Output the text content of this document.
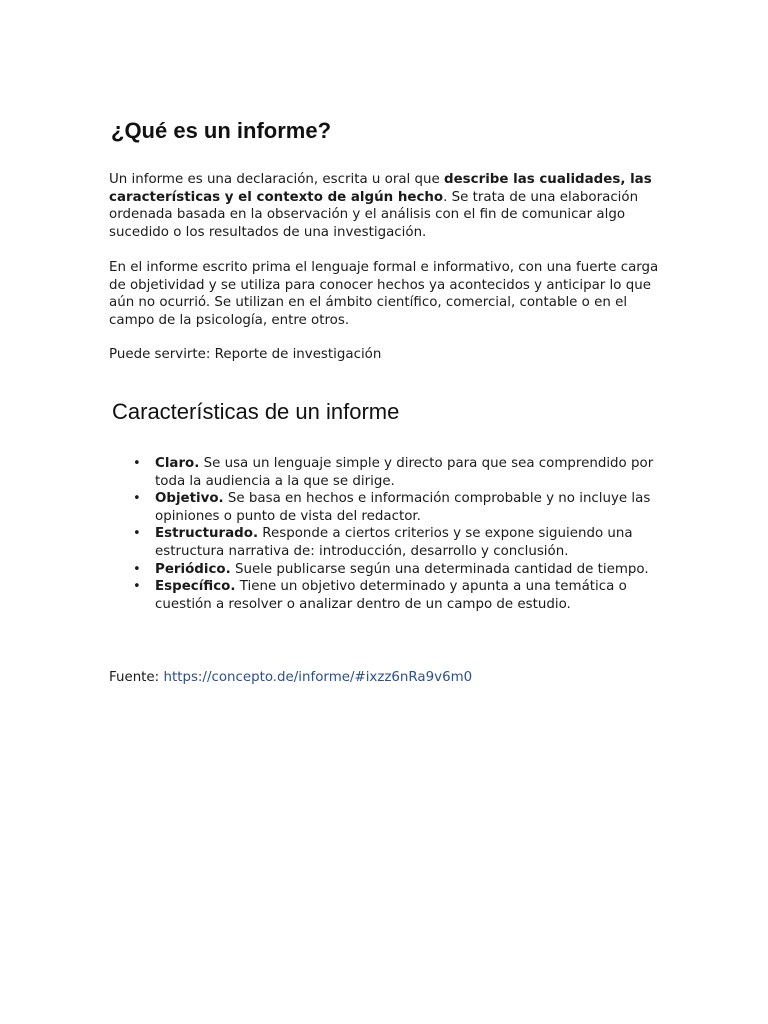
¿Qué es un informe?

Un informe es una declaración, escrita u oral que describe las cualidades, las características y el contexto de algún hecho. Se trata de una elaboración ordenada basada en la observación y el análisis con el fin de comunicar algo sucedido o los resultados de una investigación.

En el informe escrito prima el lenguaje formal e informativo, con una fuerte carga de objetividad y se utiliza para conocer hechos ya acontecidos y anticipar lo que aún no ocurrió. Se utilizan en el ámbito científico, comercial, contable o en el campo de la psicología, entre otros.

Puede servirte: Reporte de investigación

Características de un informe
• Claro. Se usa un lenguaje simple y directo para que sea comprendido por toda la audiencia a la que se dirige.
• Objetivo. Se basa en hechos e información comprobable y no incluye las opiniones o punto de vista del redactor.
• Estructurado. Responde a ciertos criterios y se expone siguiendo una estructura narrativa de: introducción, desarrollo y conclusión.
• Periódico. Suele publicarse según una determinada cantidad de tiempo.
• Específico. Tiene un objetivo determinado y apunta a una temática o cuestión a resolver o analizar dentro de un campo de estudio.

Fuente: https://concepto.de/informe/#ixzz6nRa9v6m0
